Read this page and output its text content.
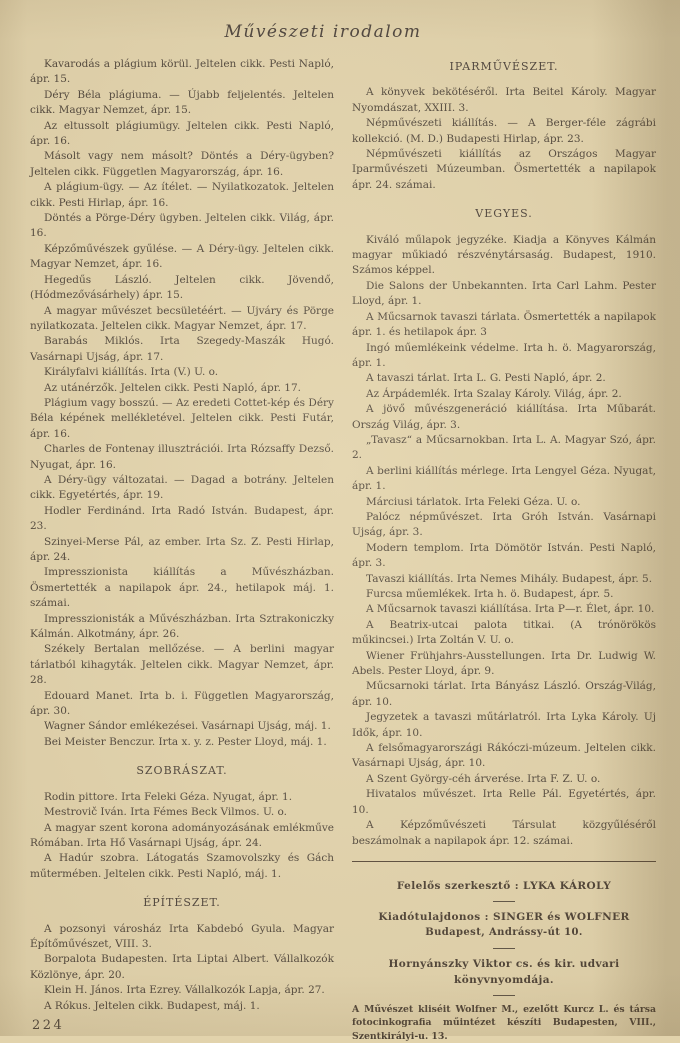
Művészeti irodalom

Kavarodás a plágium körül. Jeltelen cikk. Pesti Napló, ápr. 15.

Déry Béla plágiuma. — Újabb feljelentés. Jeltelen cikk. Magyar Nemzet, ápr. 15.

Az eltussolt plágiumügy. Jeltelen cikk. Pesti Napló, ápr. 16.

Másolt vagy nem másolt? Döntés a Déry-ügyben? Jeltelen cikk. Független Magyarország, ápr. 16.

A plágium-ügy. — Az ítélet. — Nyilatkozatok. Jeltelen cikk. Pesti Hirlap, ápr. 16.

Döntés a Pörge-Déry ügyben. Jeltelen cikk. Világ, ápr. 16.

Képzőművészek gyűlése. — A Déry-ügy. Jeltelen cikk. Magyar Nemzet, ápr. 16.

Hegedűs László. Jeltelen cikk. Jövendő, (Hódmezővásárhely) ápr. 15.

A magyar művészet becsületéért. — Ujváry és Pörge nyilatkozata. Jeltelen cikk. Magyar Nemzet, ápr. 17.

Barabás Miklós. Irta Szegedy-Maszák Hugó. Vasárnapi Ujság, ápr. 17.

Királyfalvi kiállítás. Irta (V.) U. o.

Az utánérzők. Jeltelen cikk. Pesti Napló, ápr. 17.

Plágium vagy bosszú. — Az eredeti Cottet-kép és Déry Béla képének mellékletével. Jeltelen cikk. Pesti Futár, ápr. 16.

Charles de Fontenay illusztrációi. Irta Rózsaffy Dezső. Nyugat, ápr. 16.

A Déry-ügy változatai. — Dagad a botrány. Jeltelen cikk. Egyetértés, ápr. 19.

Hodler Ferdinánd. Irta Radó István. Budapest, ápr. 23.

Szinyei-Merse Pál, az ember. Irta Sz. Z. Pesti Hirlap, ápr. 24.

Impresszionista kiállítás a Művészházban. Ösmertették a napilapok ápr. 24., hetilapok máj. 1. számai.

Impresszionisták a Művészházban. Irta Sztrakoniczky Kálmán. Alkotmány, ápr. 26.

Székely Bertalan mellőzése. — A berlini magyar tárlatból kihagyták. Jeltelen cikk. Magyar Nemzet, ápr. 28.

Edouard Manet. Irta b. i. Független Magyarország, ápr. 30.

Wagner Sándor emlékezései. Vasárnapi Ujság, máj. 1.

Bei Meister Benczur. Irta x. y. z. Pester Lloyd, máj. 1.

SZOBRÁSZAT.

Rodin pittore. Irta Feleki Géza. Nyugat, ápr. 1.

Mestrovič Iván. Irta Fémes Beck Vilmos. U. o.

A magyar szent korona adományozásának emlékműve Rómában. Irta Hő Vasárnapi Ujság, ápr. 24.

A Hadúr szobra. Látogatás Szamovolszky és Gách műtermében. Jeltelen cikk. Pesti Napló, máj. 1.

ÉPÍTÉSZET.

A pozsonyi városház Irta Kabdebó Gyula. Magyar Építőművészet, VIII. 3.

Borpalota Budapesten. Irta Liptai Albert. Vállalkozók Közlönye, ápr. 20.

Klein H. János. Irta Ezrey. Vállalkozók Lapja, ápr. 27.

A Rókus. Jeltelen cikk. Budapest, máj. 1.

224

IPARMŰVÉSZET.

A könyvek bekötéséről. Irta Beitel Károly. Magyar Nyomdászat, XXIII. 3.

Népművészeti kiállítás. — A Berger-féle zágrábi kollekció. (M. D.) Budapesti Hirlap, ápr. 23.

Népművészeti kiállítás az Országos Magyar Iparművészeti Múzeumban. Ösmertették a napilapok ápr. 24. számai.

VEGYES.

Kiváló műlapok jegyzéke. Kiadja a Könyves Kálmán magyar műkiadó részvénytársaság. Budapest, 1910. Számos képpel.

Die Salons der Unbekannten. Irta Carl Lahm. Pester Lloyd, ápr. 1.

A Műcsarnok tavaszi tárlata. Ösmertették a napilapok ápr. 1. és hetilapok ápr. 3

Ingó műemlékeink védelme. Irta h. ö. Magyarország, ápr. 1.

A tavaszi tárlat. Irta L. G. Pesti Napló, ápr. 2.

Az Árpádemlék. Irta Szalay Károly. Világ, ápr. 2.

A jövő művészgeneráció kiállítása. Irta Műbarát. Ország Világ, ápr. 3.

„Tavasz“ a Műcsarnokban. Irta L. A. Magyar Szó, ápr. 2.

A berlini kiállítás mérlege. Irta Lengyel Géza. Nyugat, ápr. 1.

Márciusi tárlatok. Irta Feleki Géza. U. o.

Palócz népművészet. Irta Gróh István. Vasárnapi Ujság, ápr. 3.

Modern templom. Irta Dömötör István. Pesti Napló, ápr. 3.

Tavaszi kiállítás. Irta Nemes Mihály. Budapest, ápr. 5.

Furcsa műemlékek. Irta h. ö. Budapest, ápr. 5.

A Műcsarnok tavaszi kiállítása. Irta P—r. Élet, ápr. 10.

A Beatrix-utcai palota titkai. (A trónörökös műkincsei.) Irta Zoltán V. U. o.

Wiener Frühjahrs-Ausstellungen. Irta Dr. Ludwig W. Abels. Pester Lloyd, ápr. 9.

Műcsarnoki tárlat. Irta Bányász László. Ország-Világ, ápr. 10.

Jegyzetek a tavaszi műtárlatról. Irta Lyka Károly. Uj Idők, ápr. 10.

A felsőmagyarországi Rákóczi-múzeum. Jeltelen cikk. Vasárnapi Ujság, ápr. 10.

A Szent György-céh árverése. Irta F. Z. U. o.

Hivatalos művészet. Irta Relle Pál. Egyetértés, ápr. 10.

A Képzőművészeti Társulat közgyűléséről beszámolnak a napilapok ápr. 12. számai.

Felelős szerkesztő : LYKA KÁROLY

Kiadótulajdonos : SINGER és WOLFNER

Budapest, Andrássy-út 10.

Hornyánszky Viktor cs. és kir. udvari könyvnyomdája.

A Művészet kliséit Wolfner M., ezelőtt Kurcz L. és társa fotocinkografia műintézet készíti Budapesten, VIII., Szentkirályi-u. 13.
